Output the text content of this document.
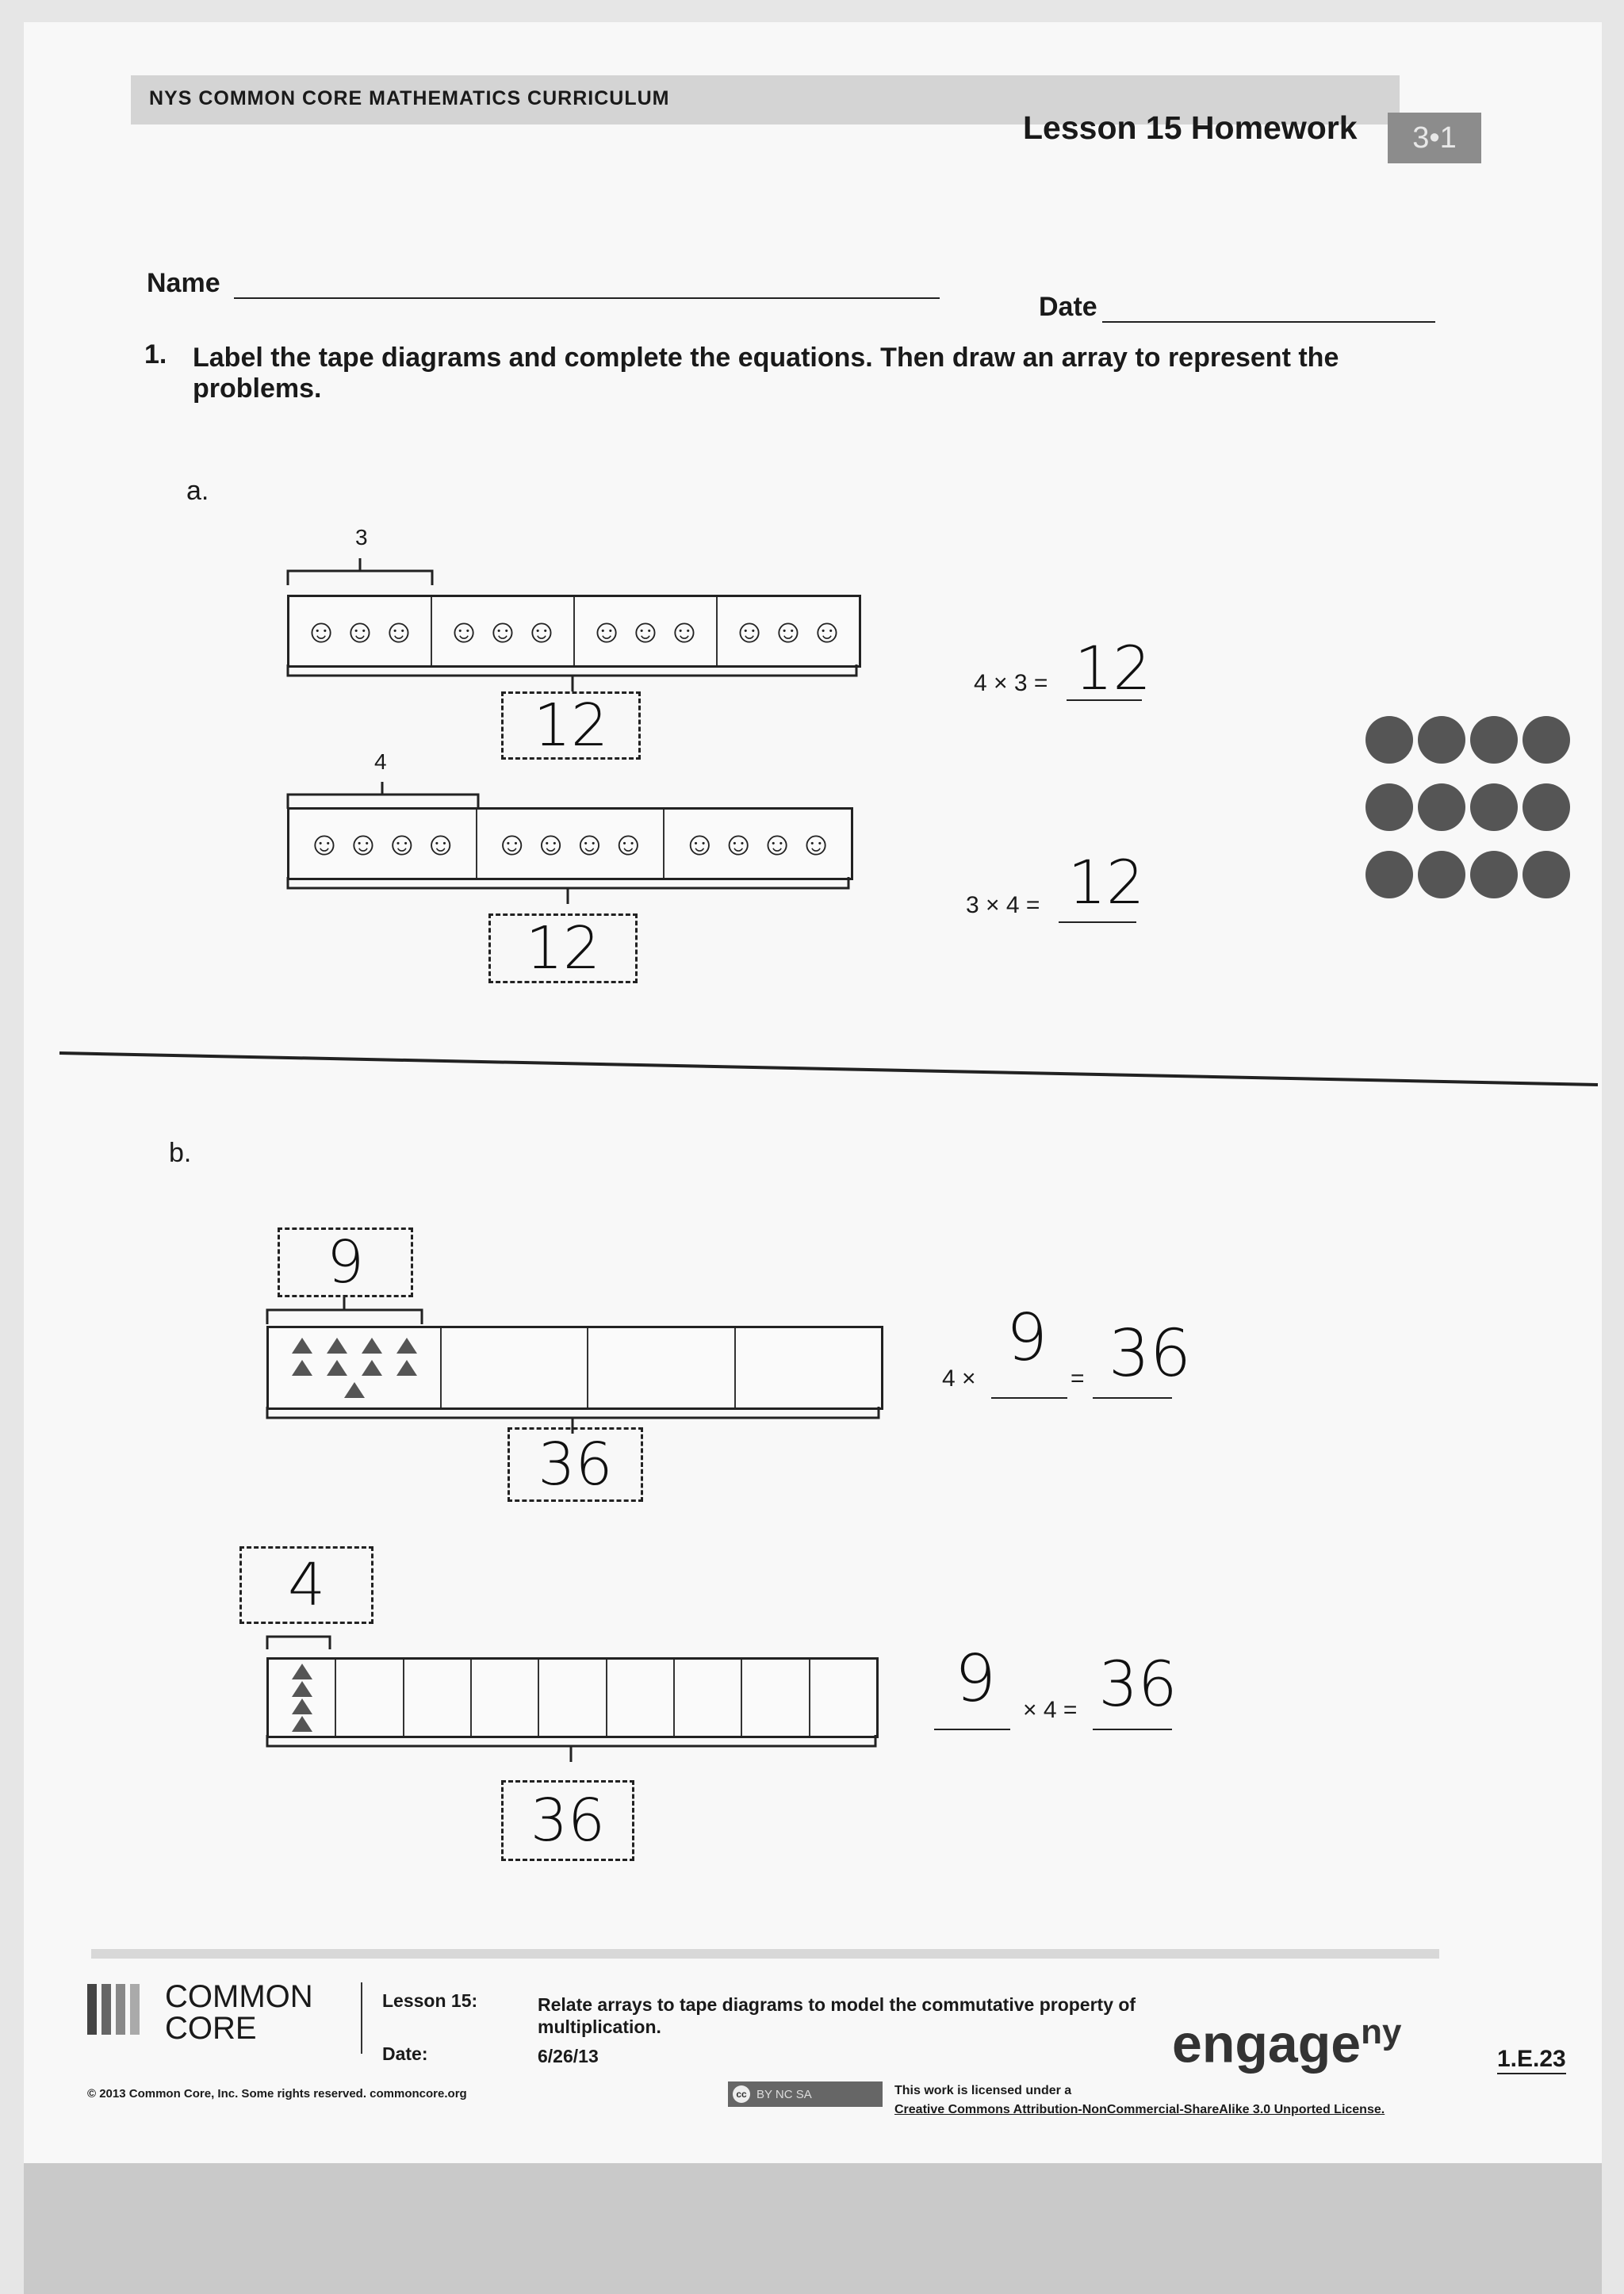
NYS COMMON CORE MATHEMATICS CURRICULUM
Lesson 15 Homework	3•1
Name
Date
1. Label the tape diagrams and complete the equations. Then draw an array to represent the problems.
a.
3
☺ ☺ ☺ ☺ ☺ ☺ ☺ ☺ ☺ ☺ ☺ ☺
12
4 × 3 = 12
4
☺ ☺ ☺ ☺ ☺ ☺ ☺ ☺ ☺ ☺ ☺ ☺
12
3 × 4 = 12
b.
9
36
4 ×
9
= 36
4
36
9	× 4 = 36
COMMON
CORE
Lesson 15:
Date:
Relate arrays to tape diagrams to model the commutative property of multiplication.
6/26/13
© 2013 Common Core, Inc. Some rights reserved. commoncore.org	cc BY NC SA	This work is licensed under a
Creative Commons Attribution-NonCommercial-ShareAlike 3.0 Unported License.
engage$^{ny}$
1.E.23
